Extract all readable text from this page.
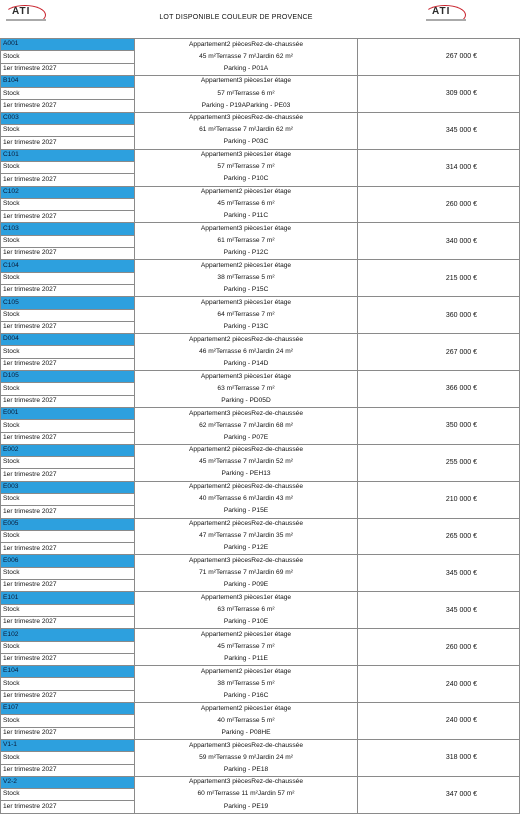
ATI
LOT DISPONIBLE COULEUR DE PROVENCE
ATI
A001	Appartement2 piècesRez-de-chaussée	267 000 €
Stock	45 m²Terrasse 7 m²Jardin 62 m²	
1er trimestre 2027	Parking - P01A	
B104	Appartement3 pièces1er étage	309 000 €
Stock	57 m²Terrasse 6 m²	
1er trimestre 2027	Parking - P19AParking - PE03	
C003	Appartement3 piècesRez-de-chaussée	345 000 €
Stock	61 m²Terrasse 7 m²Jardin 62 m²	
1er trimestre 2027	Parking - P03C	
C101	Appartement3 pièces1er étage	314 000 €
Stock	57 m²Terrasse 7 m²	
1er trimestre 2027	Parking - P10C	
C102	Appartement2 pièces1er étage	260 000 €
Stock	45 m²Terrasse 6 m²	
1er trimestre 2027	Parking - P11C	
C103	Appartement3 pièces1er étage	340 000 €
Stock	61 m²Terrasse 7 m²	
1er trimestre 2027	Parking - P12C	
C104	Appartement2 pièces1er étage	215 000 €
Stock	38 m²Terrasse 5 m²	
1er trimestre 2027	Parking - P15C	
C105	Appartement3 pièces1er étage	360 000 €
Stock	64 m²Terrasse 7 m²	
1er trimestre 2027	Parking - P13C	
D004	Appartement2 piècesRez-de-chaussée	267 000 €
Stock	46 m²Terrasse 6 m²Jardin 24 m²	
1er trimestre 2027	Parking - P14D	
D105	Appartement3 pièces1er étage	366 000 €
Stock	63 m²Terrasse 7 m²	
1er trimestre 2027	Parking - PD05D	
E001	Appartement3 piècesRez-de-chaussée	350 000 €
Stock	62 m²Terrasse 7 m²Jardin 68 m²	
1er trimestre 2027	Parking - P07E	
E002	Appartement2 piècesRez-de-chaussée	255 000 €
Stock	45 m²Terrasse 7 m²Jardin 52 m²	
1er trimestre 2027	Parking - PEH13	
E003	Appartement2 piècesRez-de-chaussée	210 000 €
Stock	40 m²Terrasse 6 m²Jardin 43 m²	
1er trimestre 2027	Parking - P15E	
E005	Appartement2 piècesRez-de-chaussée	265 000 €
Stock	47 m²Terrasse 7 m²Jardin 35 m²	
1er trimestre 2027	Parking - P12E	
E006	Appartement3 piècesRez-de-chaussée	345 000 €
Stock	71 m²Terrasse 7 m²Jardin 69 m²	
1er trimestre 2027	Parking - P09E	
E101	Appartement3 pièces1er étage	345 000 €
Stock	63 m²Terrasse 6 m²	
1er trimestre 2027	Parking - P10E	
E102	Appartement2 pièces1er étage	260 000 €
Stock	45 m²Terrasse 7 m²	
1er trimestre 2027	Parking - P11E	
E104	Appartement2 pièces1er étage	240 000 €
Stock	38 m²Terrasse 5 m²	
1er trimestre 2027	Parking - P16C	
E107	Appartement2 pièces1er étage	240 000 €
Stock	40 m²Terrasse 5 m²	
1er trimestre 2027	Parking - P08HE	
V1-1	Appartement3 piècesRez-de-chaussée	318 000 €
Stock	59 m²Terrasse 9 m²Jardin 24 m²	
1er trimestre 2027	Parking - PE18	
V2-2	Appartement3 piècesRez-de-chaussée	347 000 €
Stock	60 m²Terrasse 11 m²Jardin 57 m²	
1er trimestre 2027	Parking - PE19	
